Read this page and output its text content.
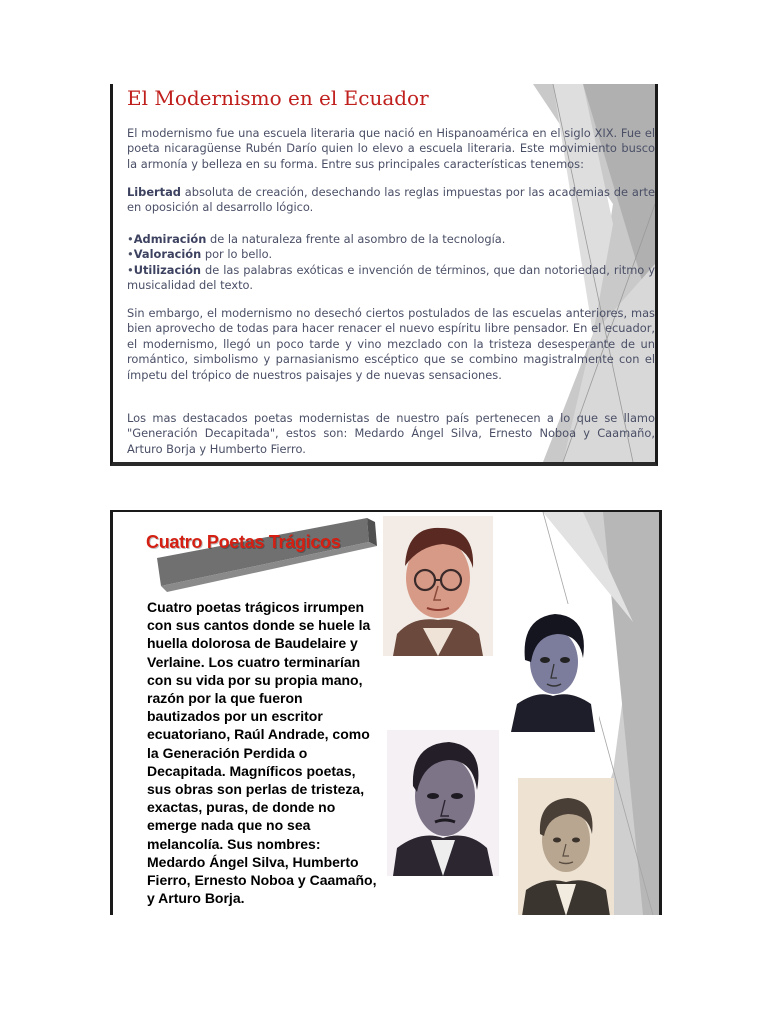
El Modernismo en el Ecuador
El modernismo fue una escuela literaria que nació en Hispanoamérica en el siglo XIX. Fue el poeta nicaragüense Rubén Darío quien lo elevo a escuela literaria. Este movimiento busco la armonía y belleza en su forma. Entre sus principales características tenemos:
Libertad absoluta de creación, desechando las reglas impuestas por las academias de arte en oposición al desarrollo lógico.
•Admiración de la naturaleza frente al asombro de la tecnología.
•Valoración por lo bello.
•Utilización de las palabras exóticas e invención de términos, que dan notoriedad, ritmo y musicalidad del texto.
Sin embargo, el modernismo no desechó ciertos postulados de las escuelas anteriores, mas bien aprovecho de todas para hacer renacer el nuevo espíritu libre pensador. En el ecuador, el modernismo, llegó un poco tarde y vino mezclado con la tristeza desesperante de un romántico, simbolismo y parnasianismo escéptico que se combino magistralmente con el ímpetu del trópico de nuestros paisajes y de nuevas sensaciones.
Los mas destacados poetas modernistas de nuestro país pertenecen a lo que se llamo "Generación Decapitada", estos son: Medardo Ángel Silva, Ernesto Noboa y Caamaño, Arturo Borja y Humberto Fierro.
Cuatro Poetas Trágicos
Cuatro poetas trágicos irrumpen con sus cantos donde se huele la huella dolorosa de Baudelaire y Verlaine. Los cuatro terminarían con su vida por su propia mano, razón por la que fueron bautizados por un escritor ecuatoriano, Raúl Andrade, como la Generación Perdida o Decapitada. Magníficos poetas, sus obras son perlas de tristeza, exactas, puras, de donde no emerge nada que no sea melancolía. Sus nombres: Medardo Ángel Silva, Humberto Fierro, Ernesto Noboa y Caamaño, y Arturo Borja.
